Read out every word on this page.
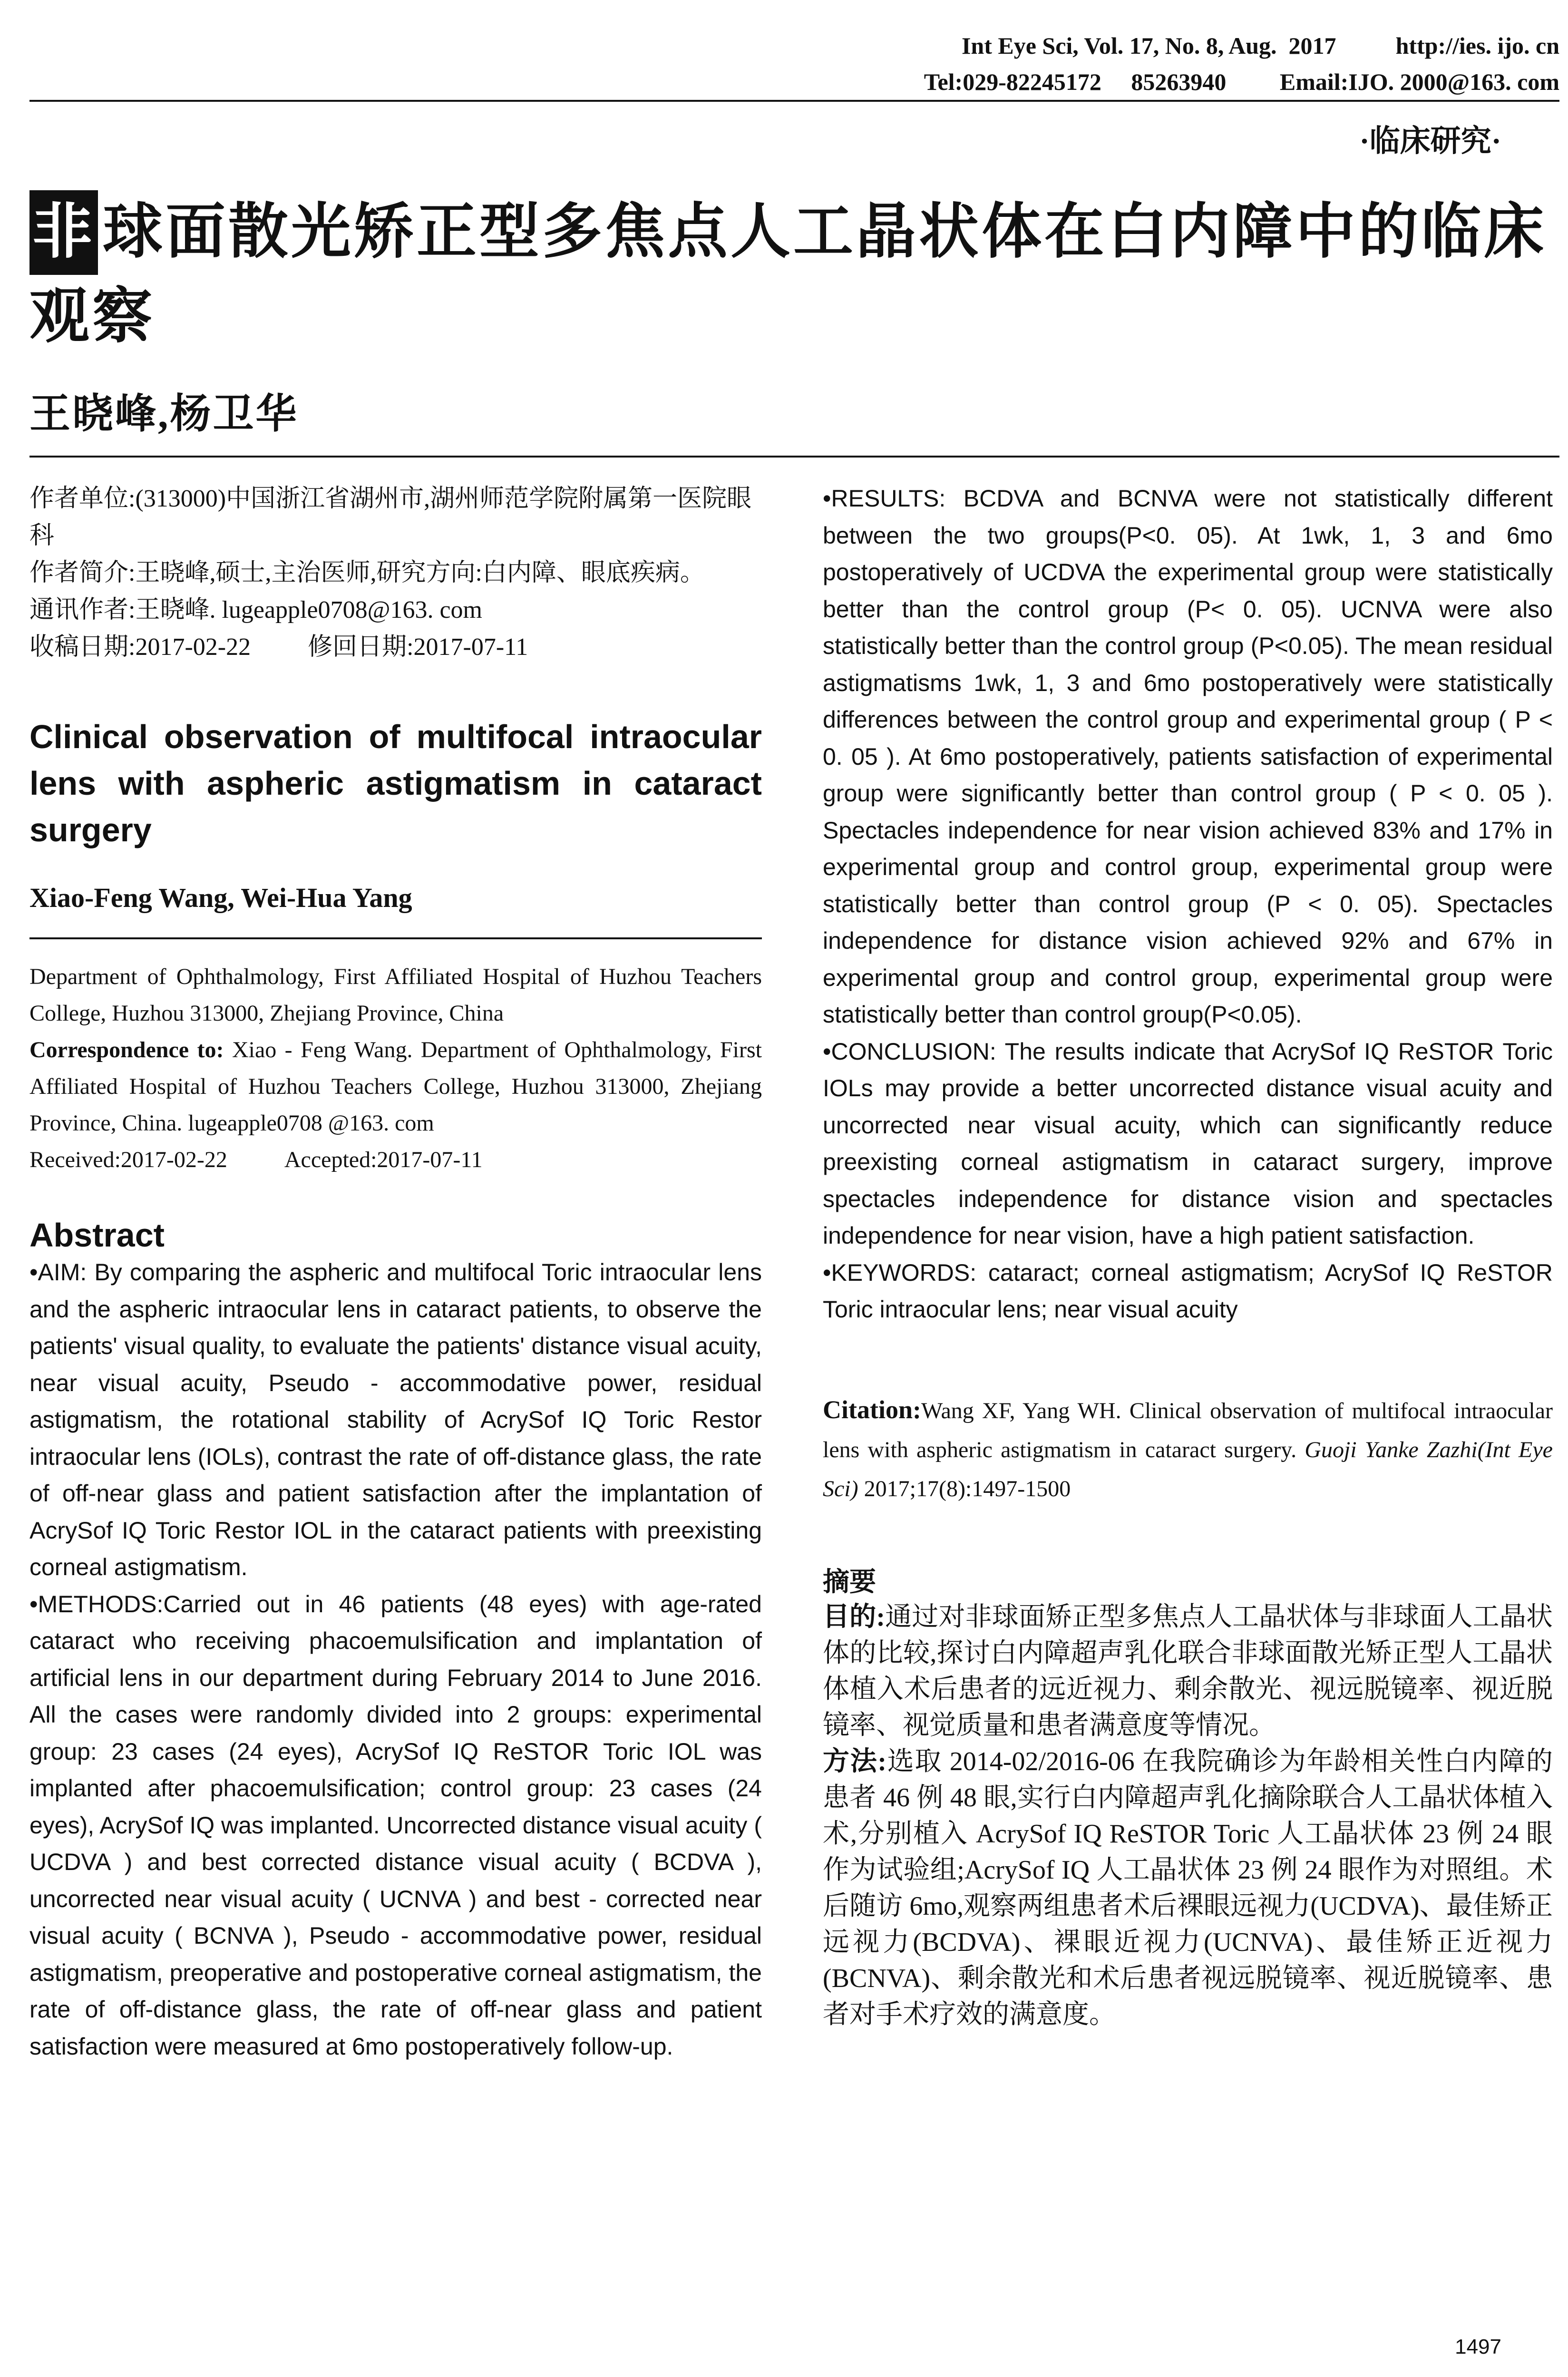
Int Eye Sci, Vol. 17, No. 8, Aug.  2017	http://ies. ijo. cn
Tel:029-82245172     85263940 Email:IJO. 2000@163. com
·临床研究·
非 球面散光矫正型多焦点人工晶状体在白内障中的临床观察
王晓峰,杨卫华

作者单位:(313000)中国浙江省湖州市,湖州师范学院附属第一医院眼科

作者简介:王晓峰,硕士,主治医师,研究方向:白内障、眼底疾病。

通讯作者:王晓峰. lugeapple0708@163. com

收稿日期:2017-02-22 修回日期:2017-07-11

Clinical observation of multifocal intraocular lens with aspheric astigmatism in cataract surgery
Xiao-Feng Wang, Wei-Hua Yang

Department of Ophthalmology, First Affiliated Hospital of Huzhou Teachers College, Huzhou 313000, Zhejiang Province, China

Correspondence to: Xiao - Feng Wang. Department of Ophthalmology, First Affiliated Hospital of Huzhou Teachers College, Huzhou 313000, Zhejiang Province, China. lugeapple0708 @163. com

Received:2017-02-22	Accepted:2017-07-11

Abstract

•AIM: By comparing the aspheric and multifocal Toric intraocular lens and the aspheric intraocular lens in cataract patients, to observe the patients' visual quality, to evaluate the patients' distance visual acuity, near visual acuity, Pseudo - accommodative power, residual astigmatism, the rotational stability of AcrySof IQ Toric Restor intraocular lens (IOLs), contrast the rate of off-distance glass, the rate of off-near glass and patient satisfaction after the implantation of AcrySof IQ Toric Restor IOL in the cataract patients with preexisting corneal astigmatism.

•METHODS:Carried out in 46 patients (48 eyes) with age-rated cataract who receiving phacoemulsification and implantation of artificial lens in our department during February 2014 to June 2016. All the cases were randomly divided into 2 groups: experimental group: 23 cases (24 eyes), AcrySof IQ ReSTOR Toric IOL was implanted after phacoemulsification; control group: 23 cases (24 eyes), AcrySof IQ was implanted. Uncorrected distance visual acuity ( UCDVA ) and best corrected distance visual acuity ( BCDVA ), uncorrected near visual acuity ( UCNVA ) and best - corrected near visual acuity ( BCNVA ), Pseudo - accommodative power, residual astigmatism, preoperative and postoperative corneal astigmatism, the rate of off-distance glass, the rate of off-near glass and patient satisfaction were measured at 6mo postoperatively follow-up.

•RESULTS: BCDVA and BCNVA were not statistically different between the two groups(P<0. 05). At 1wk, 1, 3 and 6mo postoperatively of UCDVA the experimental group were statistically better than the control group (P< 0. 05). UCNVA were also statistically better than the control group (P<0.05). The mean residual astigmatisms 1wk, 1, 3 and 6mo postoperatively were statistically differences between the control group and experimental group ( P < 0. 05 ). At 6mo postoperatively, patients satisfaction of experimental group were significantly better than control group ( P < 0. 05 ). Spectacles independence for near vision achieved 83% and 17% in experimental group and control group, experimental group were statistically better than control group (P < 0. 05). Spectacles independence for distance vision achieved 92% and 67% in experimental group and control group, experimental group were statistically better than control group(P<0.05).

•CONCLUSION: The results indicate that AcrySof IQ ReSTOR Toric IOLs may provide a better uncorrected distance visual acuity and uncorrected near visual acuity, which can significantly reduce preexisting corneal astigmatism in cataract surgery, improve spectacles independence for distance vision and spectacles independence for near vision, have a high patient satisfaction.

•KEYWORDS: cataract; corneal astigmatism; AcrySof IQ ReSTOR Toric intraocular lens; near visual acuity

Citation:Wang XF, Yang WH. Clinical observation of multifocal intraocular lens with aspheric astigmatism in cataract surgery. Guoji Yanke Zazhi(Int Eye Sci) 2017;17(8):1497-1500
摘要

目的:通过对非球面矫正型多焦点人工晶状体与非球面人工晶状体的比较,探讨白内障超声乳化联合非球面散光矫正型人工晶状体植入术后患者的远近视力、剩余散光、视远脱镜率、视近脱镜率、视觉质量和患者满意度等情况。

方法:选取 2014-02/2016-06 在我院确诊为年龄相关性白内障的患者 46 例 48 眼,实行白内障超声乳化摘除联合人工晶状体植入术,分别植入 AcrySof IQ ReSTOR Toric 人工晶状体 23 例 24 眼作为试验组;AcrySof IQ 人工晶状体 23 例 24 眼作为对照组。术后随访 6mo,观察两组患者术后裸眼远视力(UCDVA)、最佳矫正远视力(BCDVA)、裸眼近视力(UCNVA)、最佳矫正近视力(BCNVA)、剩余散光和术后患者视远脱镜率、视近脱镜率、患者对手术疗效的满意度。

1497
